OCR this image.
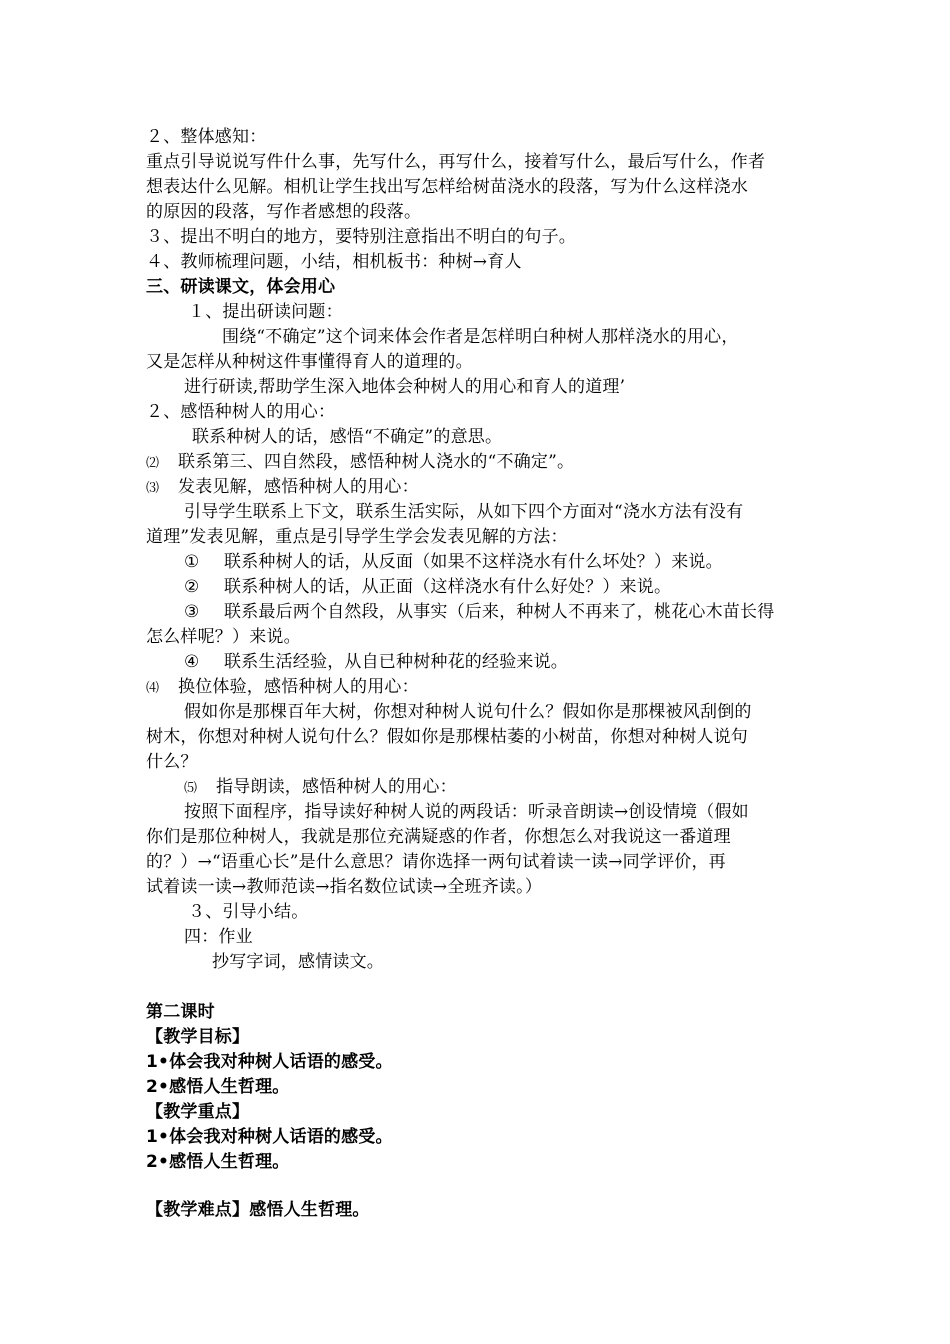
２、整体感知：
重点引导说说写件什么事，先写什么，再写什么，接着写什么，最后写什么，作者
想表达什么见解。相机让学生找出写怎样给树苗浇水的段落，写为什么这样浇水
的原因的段落，写作者感想的段落。
３、提出不明白的地方，要特别注意指出不明白的句子。
４、教师梳理问题，小结，相机板书：种树→育人
三、研读课文，体会用心
１、提出研读问题：
围绕“不确定”这个词来体会作者是怎样明白种树人那样浇水的用心，
又是怎样从种树这件事懂得育人的道理的。
进行研读,帮助学生深入地体会种树人的用心和育人的道理’
２、感悟种树人的用心：
联系种树人的话，感悟“不确定”的意思。
⑵ 联系第三、四自然段，感悟种树人浇水的“不确定”。
⑶ 发表见解，感悟种树人的用心：
引导学生联系上下文，联系生活实际，从如下四个方面对“浇水方法有没有
道理”发表见解，重点是引导学生学会发表见解的方法：
① 联系种树人的话，从反面（如果不这样浇水有什么坏处？）来说。
② 联系种树人的话，从正面（这样浇水有什么好处？）来说。
③ 联系最后两个自然段，从事实（后来，种树人不再来了，桃花心木苗长得
怎么样呢？）来说。
④ 联系生活经验，从自已种树种花的经验来说。
⑷ 换位体验，感悟种树人的用心：
假如你是那棵百年大树，你想对种树人说句什么？假如你是那棵被风刮倒的
树木，你想对种树人说句什么？假如你是那棵枯萎的小树苗，你想对种树人说句
什么？
⑸ 指导朗读，感悟种树人的用心：
按照下面程序，指导读好种树人说的两段话：听录音朗读→创设情境（假如
你们是那位种树人，我就是那位充满疑惑的作者，你想怎么对我说这一番道理
的？）→“语重心长”是什么意思？请你选择一两句试着读一读→同学评价，再
试着读一读→教师范读→指名数位试读→全班齐读。）
３、引导小结。
四：作业
抄写字词，感情读文。
第二课时
【教学目标】
1•体会我对种树人话语的感受。
2•感悟人生哲理。
【教学重点】
1•体会我对种树人话语的感受。
2•感悟人生哲理。
【教学难点】感悟人生哲理。
